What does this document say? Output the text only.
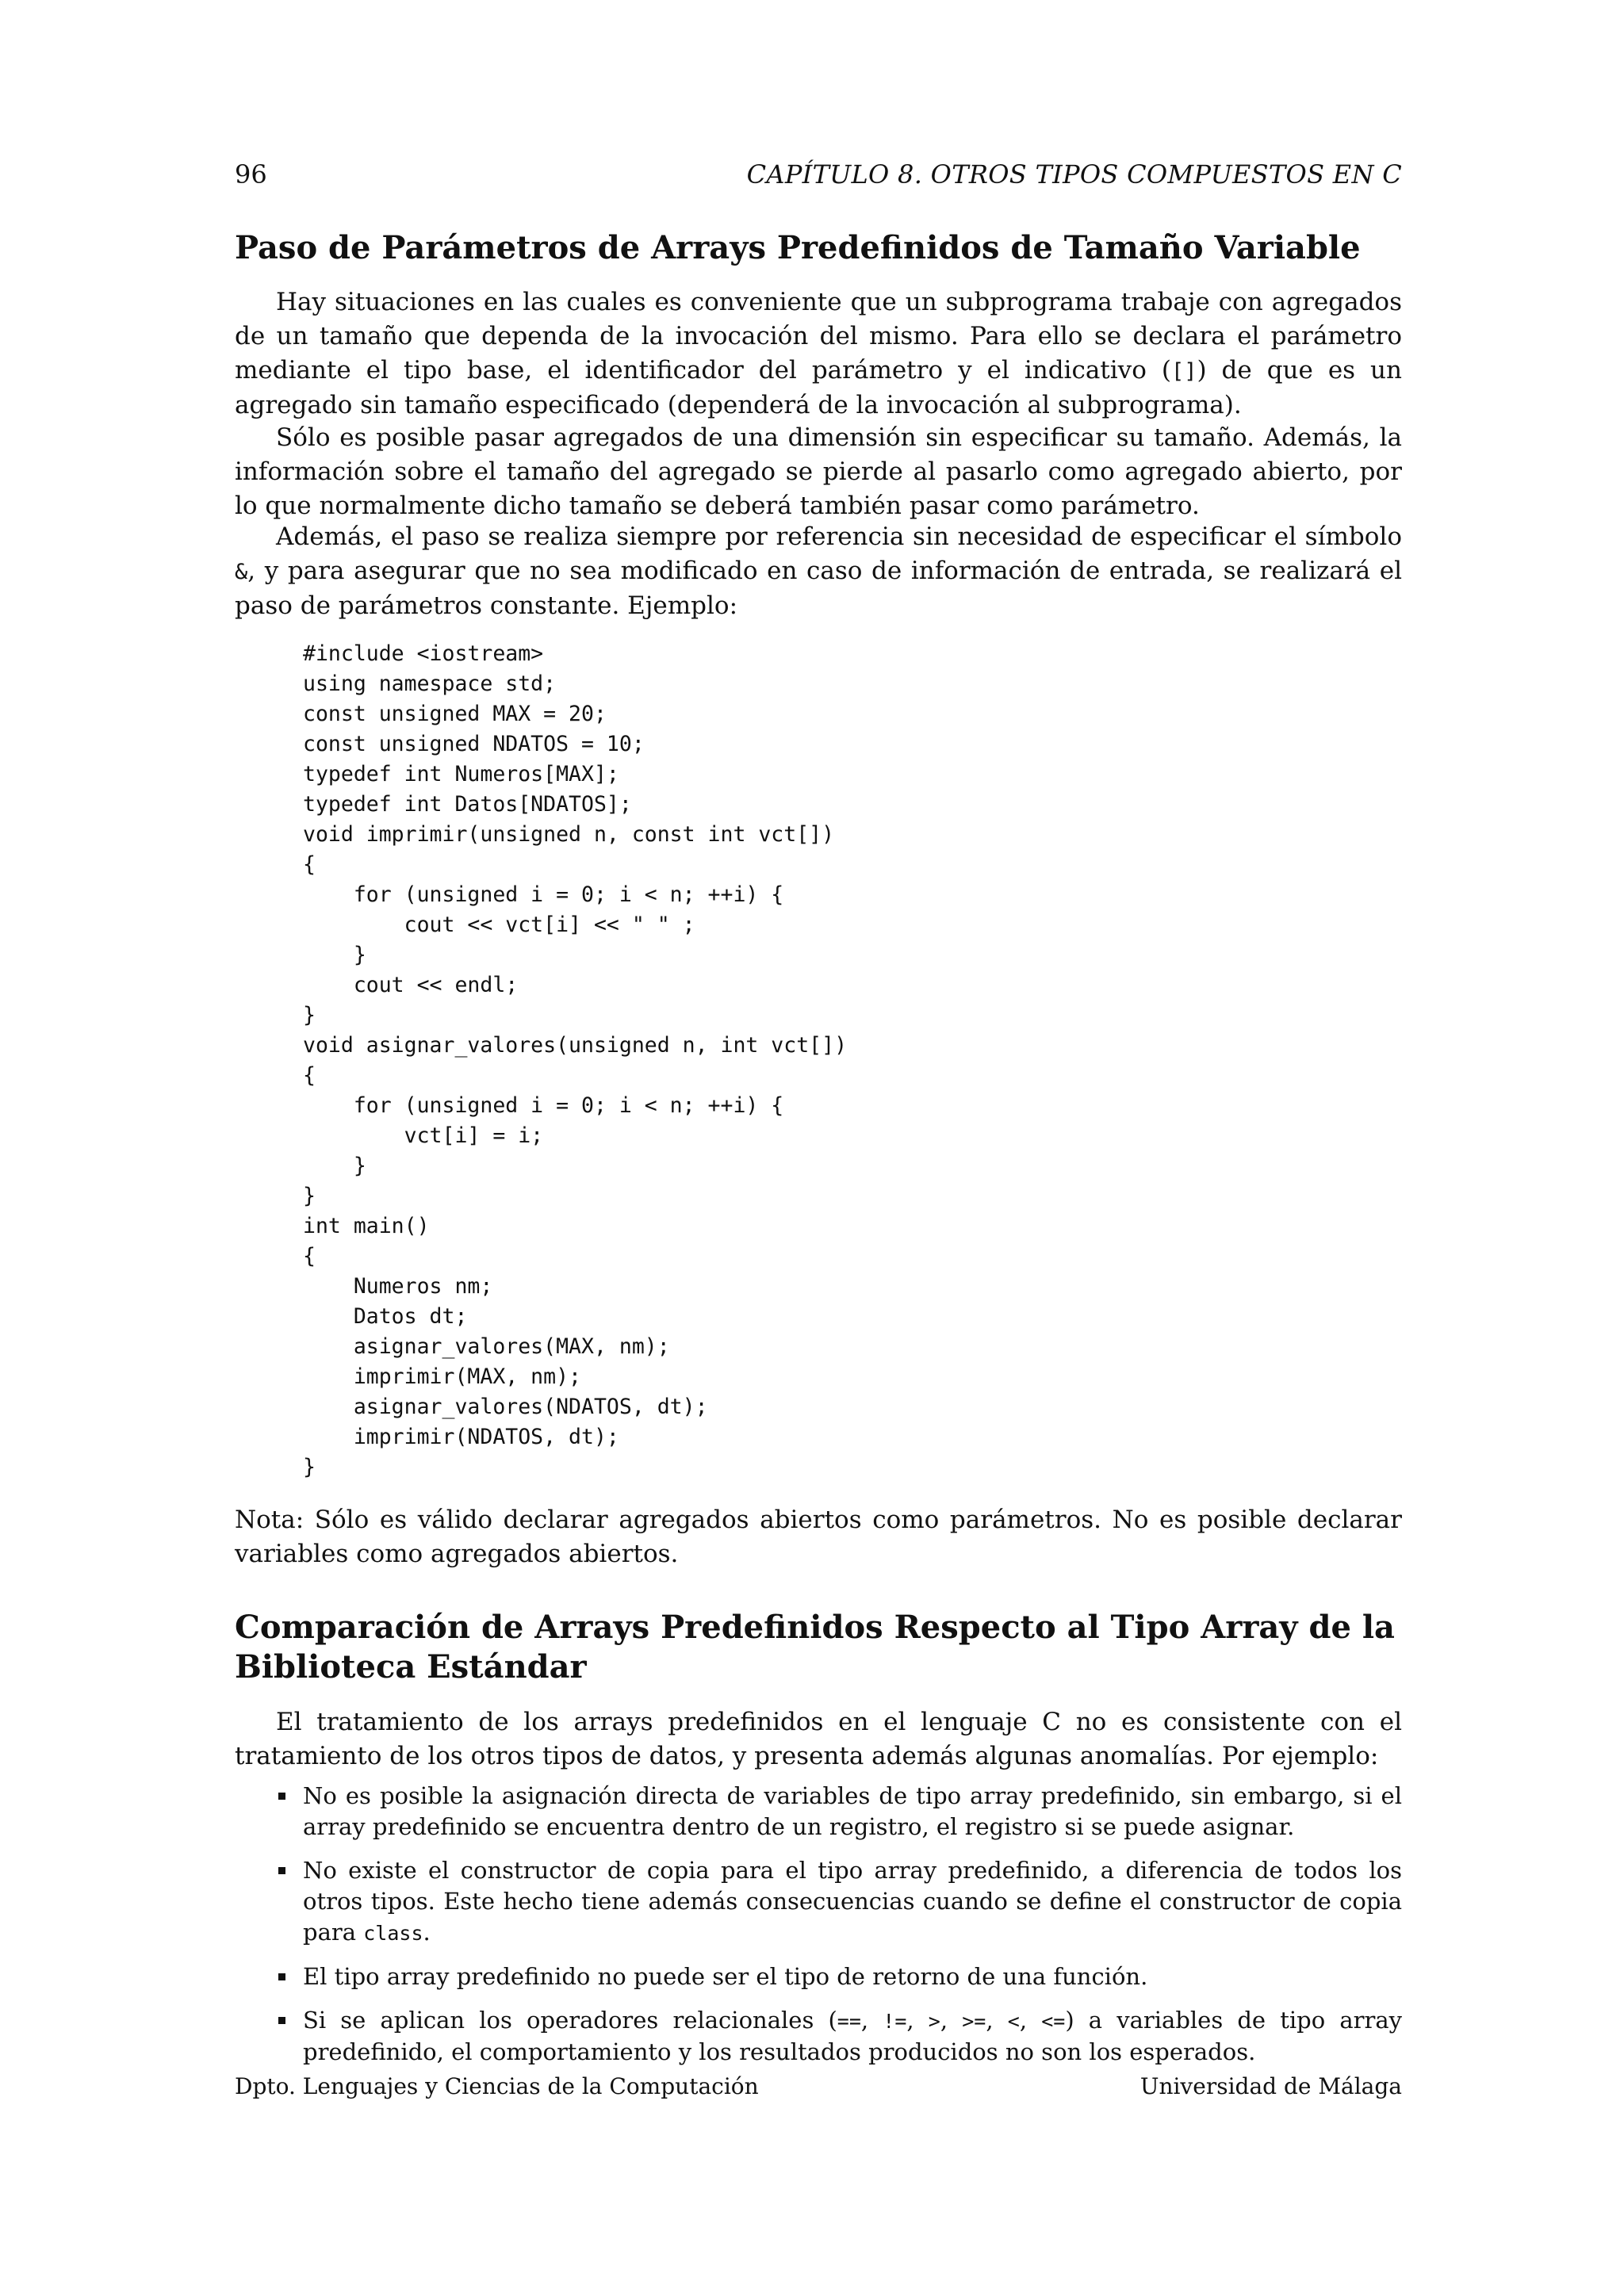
96	CAPÍTULO 8. OTROS TIPOS COMPUESTOS EN C
Paso de Parámetros de Arrays Predefinidos de Tamaño Variable

Hay situaciones en las cuales es conveniente que un subprograma trabaje con agregados de un tamaño que dependa de la invocación del mismo. Para ello se declara el parámetro mediante el tipo base, el identificador del parámetro y el indicativo ([]) de que es un agregado sin tamaño especificado (dependerá de la invocación al subprograma).

Sólo es posible pasar agregados de una dimensión sin especificar su tamaño. Además, la información sobre el tamaño del agregado se pierde al pasarlo como agregado abierto, por lo que normalmente dicho tamaño se deberá también pasar como parámetro.

Además, el paso se realiza siempre por referencia sin necesidad de especificar el símbolo &, y para asegurar que no sea modificado en caso de información de entrada, se realizará el paso de parámetros constante. Ejemplo:

#include <iostream>
using namespace std;
const unsigned MAX = 20;
const unsigned NDATOS = 10;
typedef int Numeros[MAX];
typedef int Datos[NDATOS];
void imprimir(unsigned n, const int vct[])
{
for (unsigned i = 0; i < n; ++i) {
cout << vct[i] << " " ;
}
cout << endl;
}
void asignar_valores(unsigned n, int vct[])
{
for (unsigned i = 0; i < n; ++i) {
vct[i] = i;
}
}
int main()
{
Numeros nm;
Datos dt;
asignar_valores(MAX, nm);
imprimir(MAX, nm);
asignar_valores(NDATOS, dt);
imprimir(NDATOS, dt);
}

Nota: Sólo es válido declarar agregados abiertos como parámetros. No es posible declarar variables como agregados abiertos.

Comparación de Arrays Predefinidos Respecto al Tipo Array de la Biblioteca Estándar

El tratamiento de los arrays predefinidos en el lenguaje C no es consistente con el tratamiento de los otros tipos de datos, y presenta además algunas anomalías. Por ejemplo:

No es posible la asignación directa de variables de tipo array predefinido, sin embargo, si el array predefinido se encuentra dentro de un registro, el registro si se puede asignar.
No existe el constructor de copia para el tipo array predefinido, a diferencia de todos los otros tipos. Este hecho tiene además consecuencias cuando se define el constructor de copia para class.
El tipo array predefinido no puede ser el tipo de retorno de una función.
Si se aplican los operadores relacionales (==, !=, >, >=, <, <=) a variables de tipo array predefinido, el comportamiento y los resultados producidos no son los esperados.
Dpto. Lenguajes y Ciencias de la Computación	Universidad de Málaga
